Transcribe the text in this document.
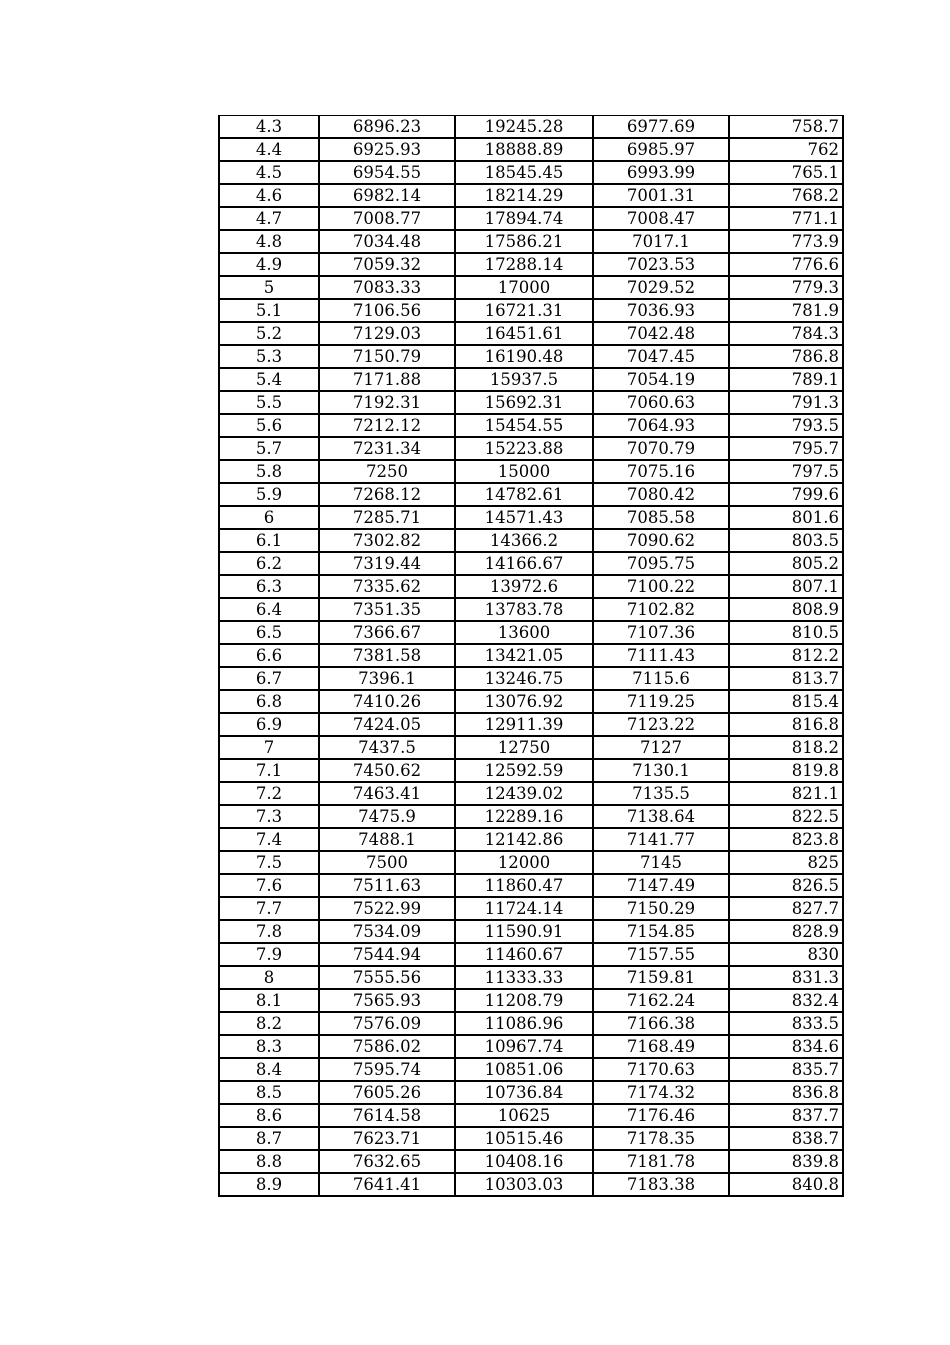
4.3	6896.23	19245.28	6977.69	758.7
4.4	6925.93	18888.89	6985.97	762
4.5	6954.55	18545.45	6993.99	765.1
4.6	6982.14	18214.29	7001.31	768.2
4.7	7008.77	17894.74	7008.47	771.1
4.8	7034.48	17586.21	7017.1	773.9
4.9	7059.32	17288.14	7023.53	776.6
5	7083.33	17000	7029.52	779.3
5.1	7106.56	16721.31	7036.93	781.9
5.2	7129.03	16451.61	7042.48	784.3
5.3	7150.79	16190.48	7047.45	786.8
5.4	7171.88	15937.5	7054.19	789.1
5.5	7192.31	15692.31	7060.63	791.3
5.6	7212.12	15454.55	7064.93	793.5
5.7	7231.34	15223.88	7070.79	795.7
5.8	7250	15000	7075.16	797.5
5.9	7268.12	14782.61	7080.42	799.6
6	7285.71	14571.43	7085.58	801.6
6.1	7302.82	14366.2	7090.62	803.5
6.2	7319.44	14166.67	7095.75	805.2
6.3	7335.62	13972.6	7100.22	807.1
6.4	7351.35	13783.78	7102.82	808.9
6.5	7366.67	13600	7107.36	810.5
6.6	7381.58	13421.05	7111.43	812.2
6.7	7396.1	13246.75	7115.6	813.7
6.8	7410.26	13076.92	7119.25	815.4
6.9	7424.05	12911.39	7123.22	816.8
7	7437.5	12750	7127	818.2
7.1	7450.62	12592.59	7130.1	819.8
7.2	7463.41	12439.02	7135.5	821.1
7.3	7475.9	12289.16	7138.64	822.5
7.4	7488.1	12142.86	7141.77	823.8
7.5	7500	12000	7145	825
7.6	7511.63	11860.47	7147.49	826.5
7.7	7522.99	11724.14	7150.29	827.7
7.8	7534.09	11590.91	7154.85	828.9
7.9	7544.94	11460.67	7157.55	830
8	7555.56	11333.33	7159.81	831.3
8.1	7565.93	11208.79	7162.24	832.4
8.2	7576.09	11086.96	7166.38	833.5
8.3	7586.02	10967.74	7168.49	834.6
8.4	7595.74	10851.06	7170.63	835.7
8.5	7605.26	10736.84	7174.32	836.8
8.6	7614.58	10625	7176.46	837.7
8.7	7623.71	10515.46	7178.35	838.7
8.8	7632.65	10408.16	7181.78	839.8
8.9	7641.41	10303.03	7183.38	840.8
